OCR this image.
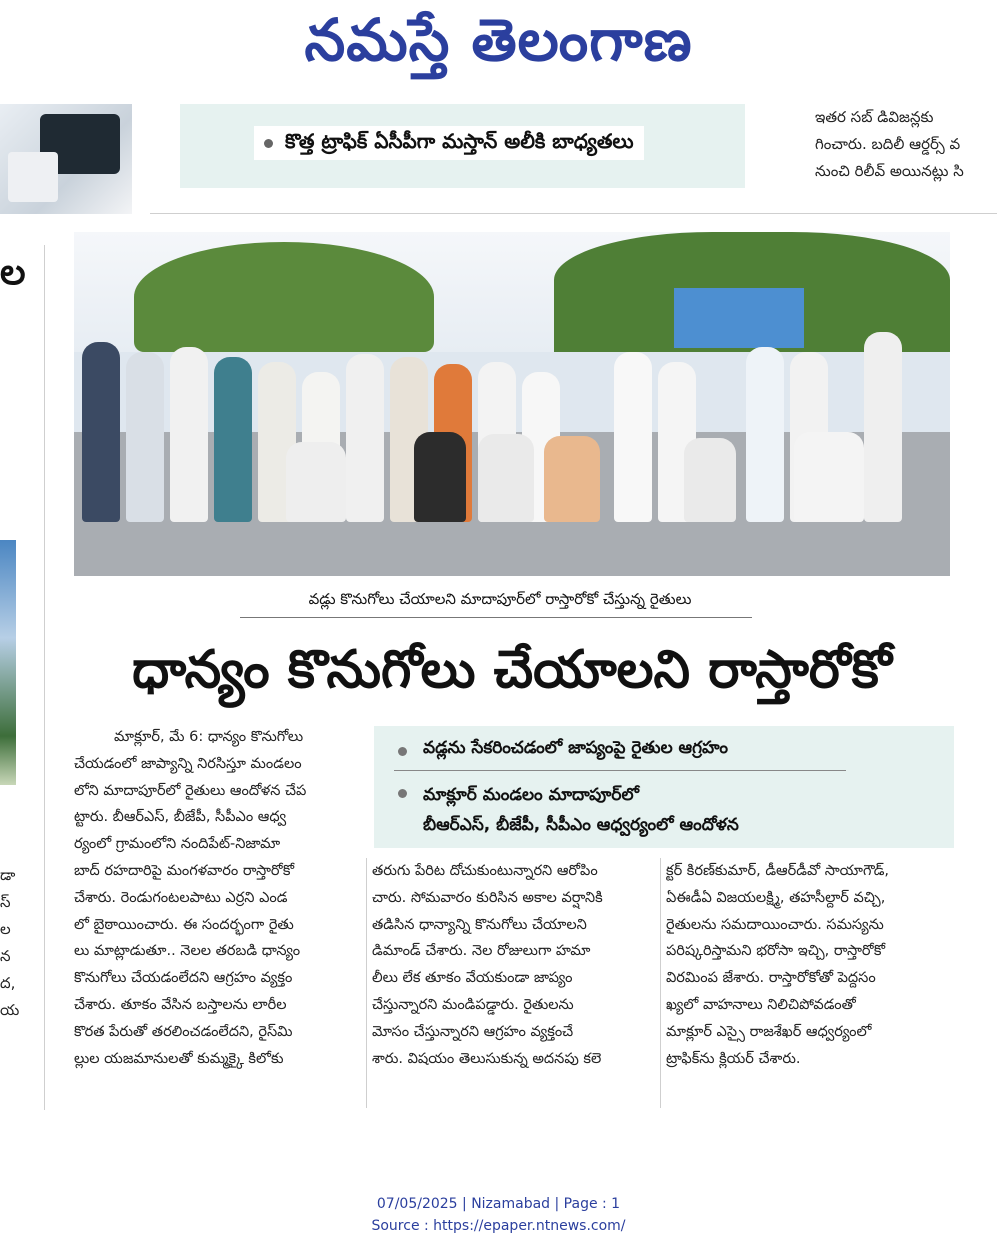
నమస్తే తెలంగాణ
కొత్త ట్రాఫిక్ ఏసీపీగా మస్తాన్ అలీకి బాధ్యతలు
ఇతర సబ్ డివిజన్లకు
గించారు. బదిలీ ఆర్డర్స్ వ
నుంచి రిలీవ్ అయినట్లు సి
ల
డా
స్
ల
న
ద,
య
వడ్లు కొనుగోలు చేయాలని మాదాపూర్‌లో రాస్తారోకో చేస్తున్న రైతులు
ధాన్యం కొనుగోలు చేయాలని రాస్తారోకో
వడ్లను సేకరించడంలో జాప్యంపై రైతుల ఆగ్రహం
మాక్లూర్ మండలం మాదాపూర్‌లో
బీఆర్‌ఎస్, బీజేపీ, సీపీఎం ఆధ్వర్యంలో ఆందోళన

మాక్లూర్, మే 6: ధాన్యం కొనుగోలు

చేయడంలో జాప్యాన్ని నిరసిస్తూ మండలం

లోని మాదాపూర్‌లో రైతులు ఆందోళన చేప

ట్టారు. బీఆర్‌ఎస్, బీజేపీ, సీపీఎం ఆధ్వ

ర్యంలో గ్రామంలోని నందిపేట్-నిజామా

బాద్ రహదారిపై మంగళవారం రాస్తారోకో

చేశారు. రెండుగంటలపాటు ఎర్రని ఎండ

లో బైఠాయించారు. ఈ సందర్భంగా రైతు

లు మాట్లాడుతూ.. నెలల తరబడి ధాన్యం

కొనుగోలు చేయడంలేదని ఆగ్రహం వ్యక్తం

చేశారు. తూకం వేసిన బస్తాలను లారీల

కొరత పేరుతో తరలించడంలేదని, రైస్‌మి

ల్లుల యజమానులతో కుమ్మక్కై కిలోకు

తరుగు పేరిట దోచుకుంటున్నారని ఆరోపిం

చారు. సోమవారం కురిసిన అకాల వర్షానికి

తడిసిన ధాన్యాన్ని కొనుగోలు చేయాలని

డిమాండ్ చేశారు. నెల రోజులుగా హమా

లీలు లేక తూకం వేయకుండా జాప్యం

చేస్తున్నారని మండిపడ్డారు. రైతులను

మోసం చేస్తున్నారని ఆగ్రహం వ్యక్తంచే

శారు. విషయం తెలుసుకున్న అదనపు కలె

క్టర్ కిరణ్‌కుమార్, డీఆర్‌డీవో సాయాగౌడ్,

ఏఈడీఏ విజయలక్ష్మి, తహసీల్దార్ వచ్చి,

రైతులను సమదాయించారు. సమస్యను

పరిష్కరిస్తామని భరోసా ఇచ్చి, రాస్తారోకో

విరమింప జేశారు. రాస్తారోకోతో పెద్దసం

ఖ్యలో వాహనాలు నిలిచిపోవడంతో

మాక్లూర్ ఎస్సై రాజశేఖర్ ఆధ్వర్యంలో

ట్రాఫిక్‌ను క్లియర్ చేశారు.

07/05/2025 | Nizamabad | Page : 1
Source : https://epaper.ntnews.com/
